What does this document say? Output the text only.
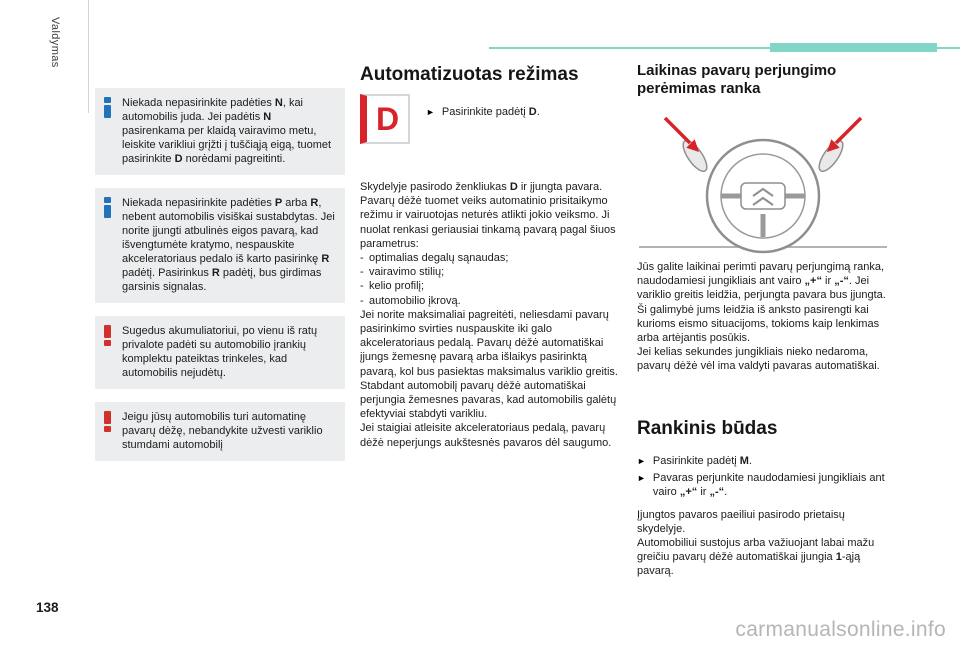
Valdymas

Niekada nepasirinkite padėties N, kai automobilis juda. Jei padėtis N pasirenkama per klaidą vairavimo metu, leiskite varikliui grįžti į tuščiąją eigą, tuomet pasirinkite D norėdami pagreitinti.

Niekada nepasirinkite padėties P arba R, nebent automobilis visiškai sustabdytas. Jei norite įjungti atbulinės eigos pavarą, kad išvengtumėte kratymo, nespauskite akceleratoriaus pedalo iš karto pasirinkę R padėtį. Pasirinkus R padėtį, bus girdimas garsinis signalas.

Sugedus akumuliatoriui, po vienu iš ratų privalote padėti su automobilio įrankių komplektu pateiktas trinkeles, kad automobilis nejudėtų.

Jeigu jūsų automobilis turi automatinę pavarų dėžę, nebandykite užvesti variklio stumdami automobilį

Automatizuotas režimas
D	► Pasirinkite padėtį D.

Skydelyje pasirodo ženkliukas D ir įjungta pavara.

Pavarų dėžė tuomet veiks automatinio prisitaikymo režimu ir vairuotojas neturės atlikti jokio veiksmo. Ji nuolat renkasi geriausiai tinkamą pavarą pagal šiuos parametrus:

- optimalias degalų sąnaudas;
- vairavimo stilių;
- kelio profilį;
- automobilio įkrovą.

Jei norite maksimaliai pagreitėti, neliesdami pavarų pasirinkimo svirties nuspauskite iki galo akceleratoriaus pedalą. Pavarų dėžė automatiškai įjungs žemesnę pavarą arba išlaikys pasirinktą pavarą, kol bus pasiektas maksimalus variklio greitis.

Stabdant automobilį pavarų dėžė automatiškai perjungia žemesnes pavaras, kad automobilis galėtų efektyviai stabdyti varikliu.

Jei staigiai atleisite akceleratoriaus pedalą, pavarų dėžė neperjungs aukštesnės pavaros dėl saugumo.

Laikinas pavarų perjungimo perėmimas ranka

Jūs galite laikinai perimti pavarų perjungimą ranka, naudodamiesi jungikliais ant vairo „+“ ir „-“. Jei variklio greitis leidžia, perjungta pavara bus įjungta.

Ši galimybė jums leidžia iš anksto pasirengti kai kurioms eismo situacijoms, tokioms kaip lenkimas arba artėjantis posūkis.

Jei kelias sekundes jungikliais nieko nedaroma, pavarų dėžė vėl ima valdyti pavaras automatiškai.

Rankinis būdas
► Pasirinkite padėtį M.
► Pavaras perjunkite naudodamiesi jungikliais ant vairo „+“ ir „-“.

Įjungtos pavaros paeiliui pasirodo prietaisų skydelyje.

Automobiliui sustojus arba važiuojant labai mažu greičiu pavarų dėžė automatiškai įjungia 1-ąją pavarą.

138
carmanualsonline.info
